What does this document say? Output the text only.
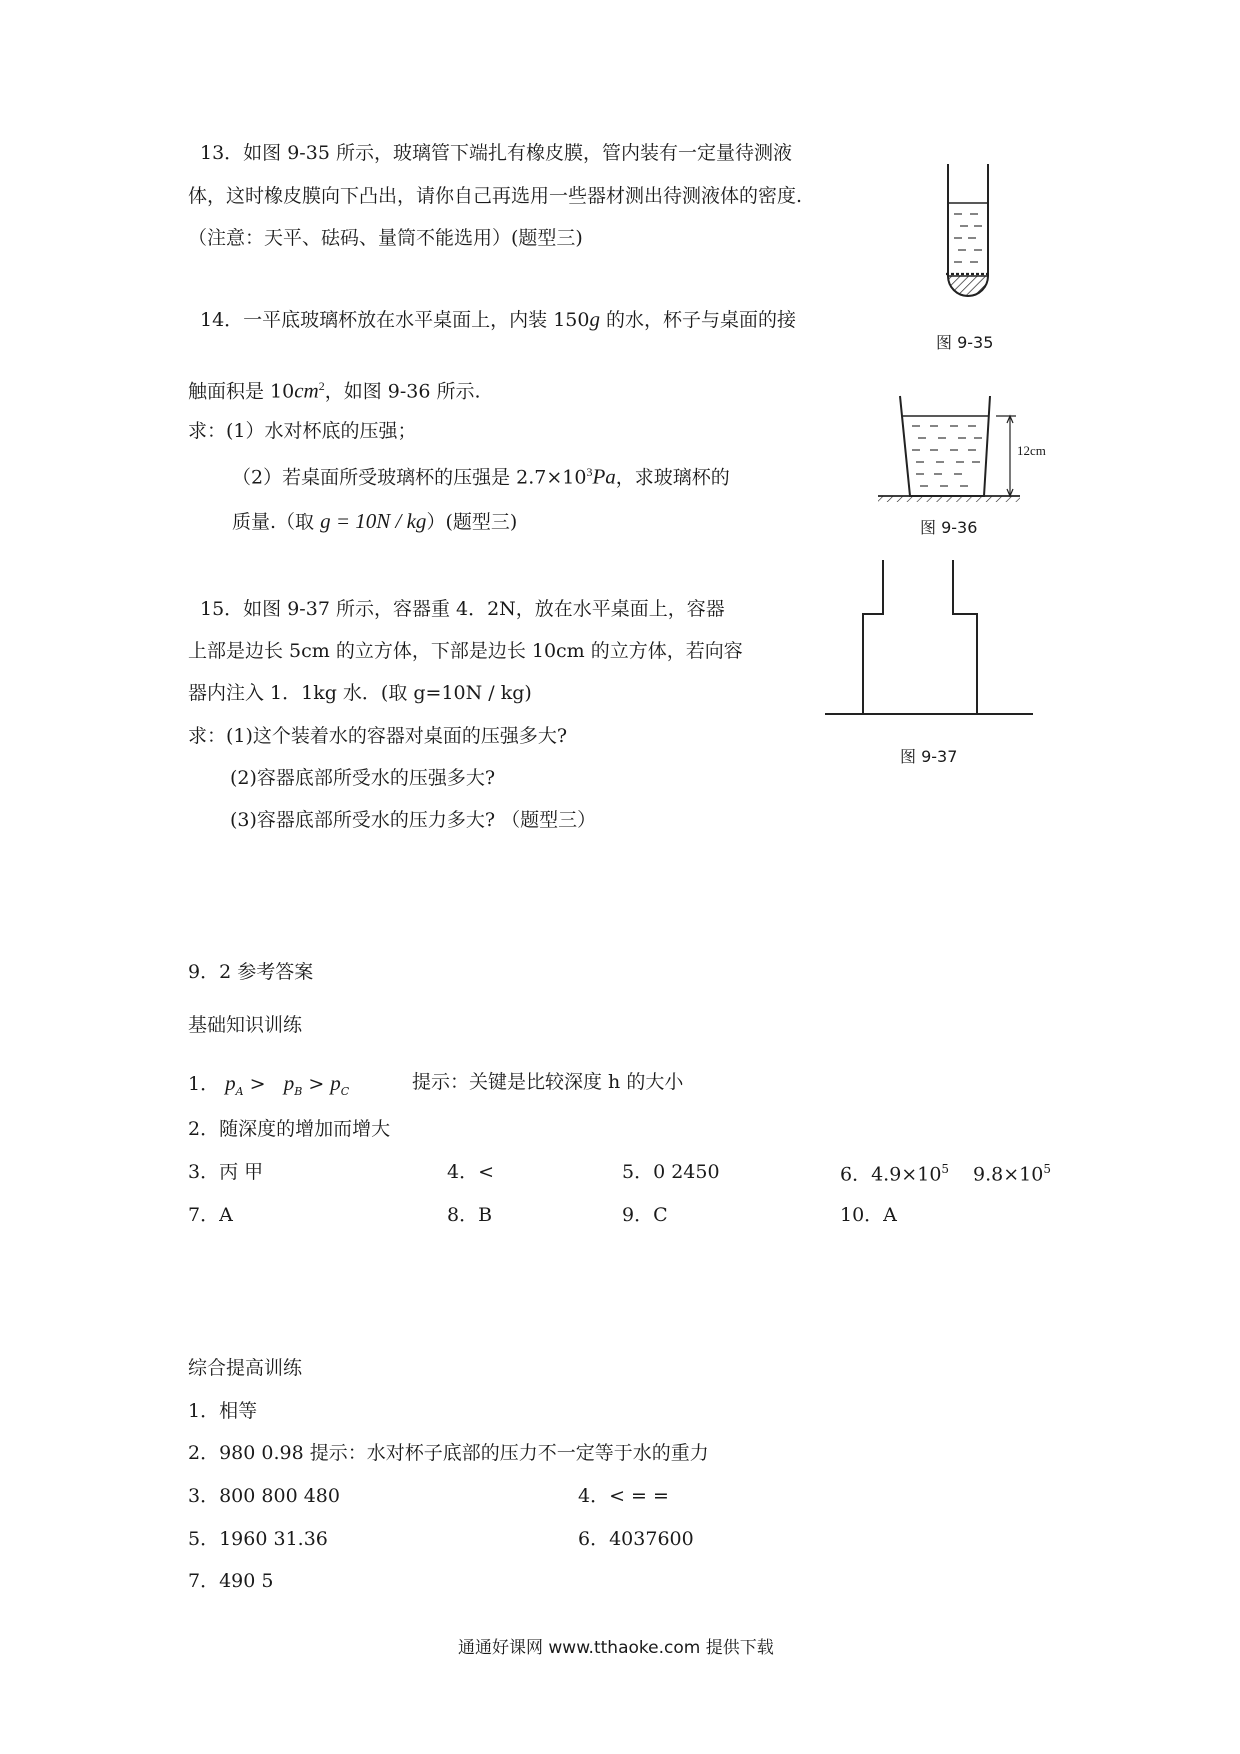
13．如图 9-35 所示，玻璃管下端扎有橡皮膜，管内装有一定量待测液
体，这时橡皮膜向下凸出，请你自己再选用一些器材测出待测液体的密度.
（注意：天平、砝码、量筒不能选用）(题型三)
图 9-35
14．一平底玻璃杯放在水平桌面上，内装 150g 的水，杯子与桌面的接
触面积是 $10cm^2$，如图 9-36 所示.
求：(1）水对杯底的压强；
（2）若桌面所受玻璃杯的压强是 $2.7\times 10^3Pa$，求玻璃杯的
质量.（取 g = 10N / kg）(题型三)
12cm
图 9-36
15．如图 9-37 所示，容器重 4．2N，放在水平桌面上，容器
上部是边长 5cm 的立方体，下部是边长 10cm 的立方体，若向容
器内注入 1．1kg 水．(取 g=10N / kg)
求：(1)这个装着水的容器对桌面的压强多大?
(2)容器底部所受水的压强多大?
(3)容器底部所受水的压力多大? （题型三）
图 9-37
9．2 参考答案
基础知识训练
1． $p_A > p_B > p_C$	提示：关键是比较深度 h 的大小
2．随深度的增加而增大
3．丙 甲	4．<	5．0 2450	6．$4.9\times 10^5$ $9.8\times 10^5$
7．A	8．B	9．C	10．A
综合提高训练
1．相等
2．980 0.98 提示：水对杯子底部的压力不一定等于水的重力
3．800 800 480	4．< = =
5．1960 31.36	6．4037600
7．490 5
通通好课网 www.tthaoke.com 提供下载
